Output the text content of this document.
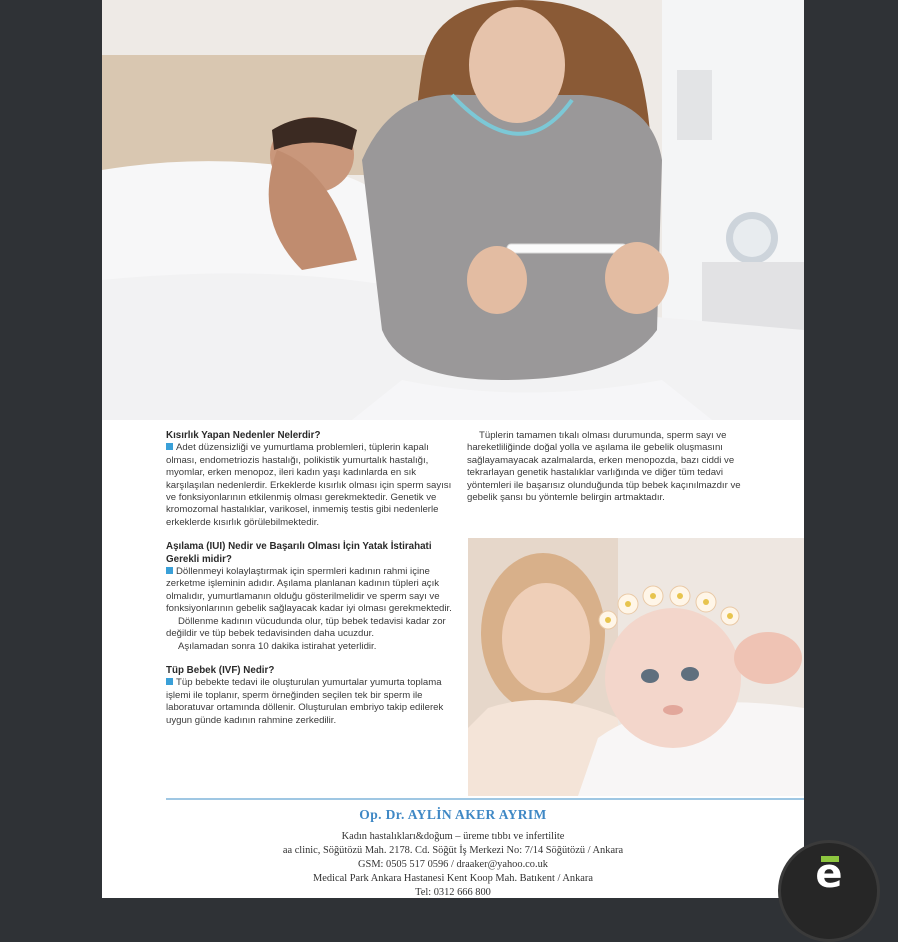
Kısırlık Yapan Nedenler Nelerdir?

Adet düzensizliği ve yumurtlama problemleri, tüplerin kapalı olması, endometriozis hastalığı, polikistik yumurtalık hastalığı, myomlar, erken menopoz, ileri kadın yaşı kadınlarda en sık karşılaşılan nedenlerdir. Erkeklerde kısırlık olması için sperm sayısı ve fonksiyonlarının etkilenmiş olması gerekmektedir. Genetik ve kromozomal hastalıklar, varikosel, inmemiş testis gibi nedenlerle erkeklerde kısırlık görülebilmektedir.

Aşılama (IUI) Nedir ve Başarılı Olması İçin Yatak İstirahati Gerekli midir?

Döllenmeyi kolaylaştırmak için spermleri kadının rahmi içine zerketme işleminin adıdır. Aşılama planlanan kadının tüpleri açık olmalıdır, yumurtlamanın olduğu gösterilmelidir ve sperm sayı ve fonksiyonlarının gebelik sağlayacak kadar iyi olması gerekmektedir.

Döllenme kadının vücudunda olur, tüp bebek tedavisi kadar zor değildir ve tüp bebek tedavisinden daha ucuzdur.

Aşılamadan sonra 10 dakika istirahat yeterlidir.

Tüp Bebek (IVF) Nedir?

Tüp bebekte tedavi ile oluşturulan yumurtalar yumurta toplama işlemi ile toplanır, sperm örneğinden seçilen tek bir sperm ile laboratuvar ortamında döllenir. Oluşturulan embriyo takip edilerek uygun günde kadının rahmine zerkedilir.

Tüplerin tamamen tıkalı olması durumunda, sperm sayı ve hareketliliğinde doğal yolla ve aşılama ile gebelik oluşmasını sağlayamayacak azalmalarda, erken menopozda, bazı ciddi ve tekrarlayan genetik hastalıklar varlığında ve diğer tüm tedavi yöntemleri ile başarısız olunduğunda tüp bebek kaçınılmazdır ve gebelik şansı bu yöntemle belirgin artmaktadır.

Op. Dr. AYLİN AKER AYRIM
Kadın hastalıkları&doğum – üreme tıbbı ve infertilite
aa clinic, Söğütözü Mah. 2178. Cd. Söğüt İş Merkezi No: 7/14 Söğütözü / Ankara
GSM: 0505 517 0596 / draaker@yahoo.co.uk
Medical Park Ankara Hastanesi Kent Koop Mah. Batıkent / Ankara
Tel: 0312 666 800	e
